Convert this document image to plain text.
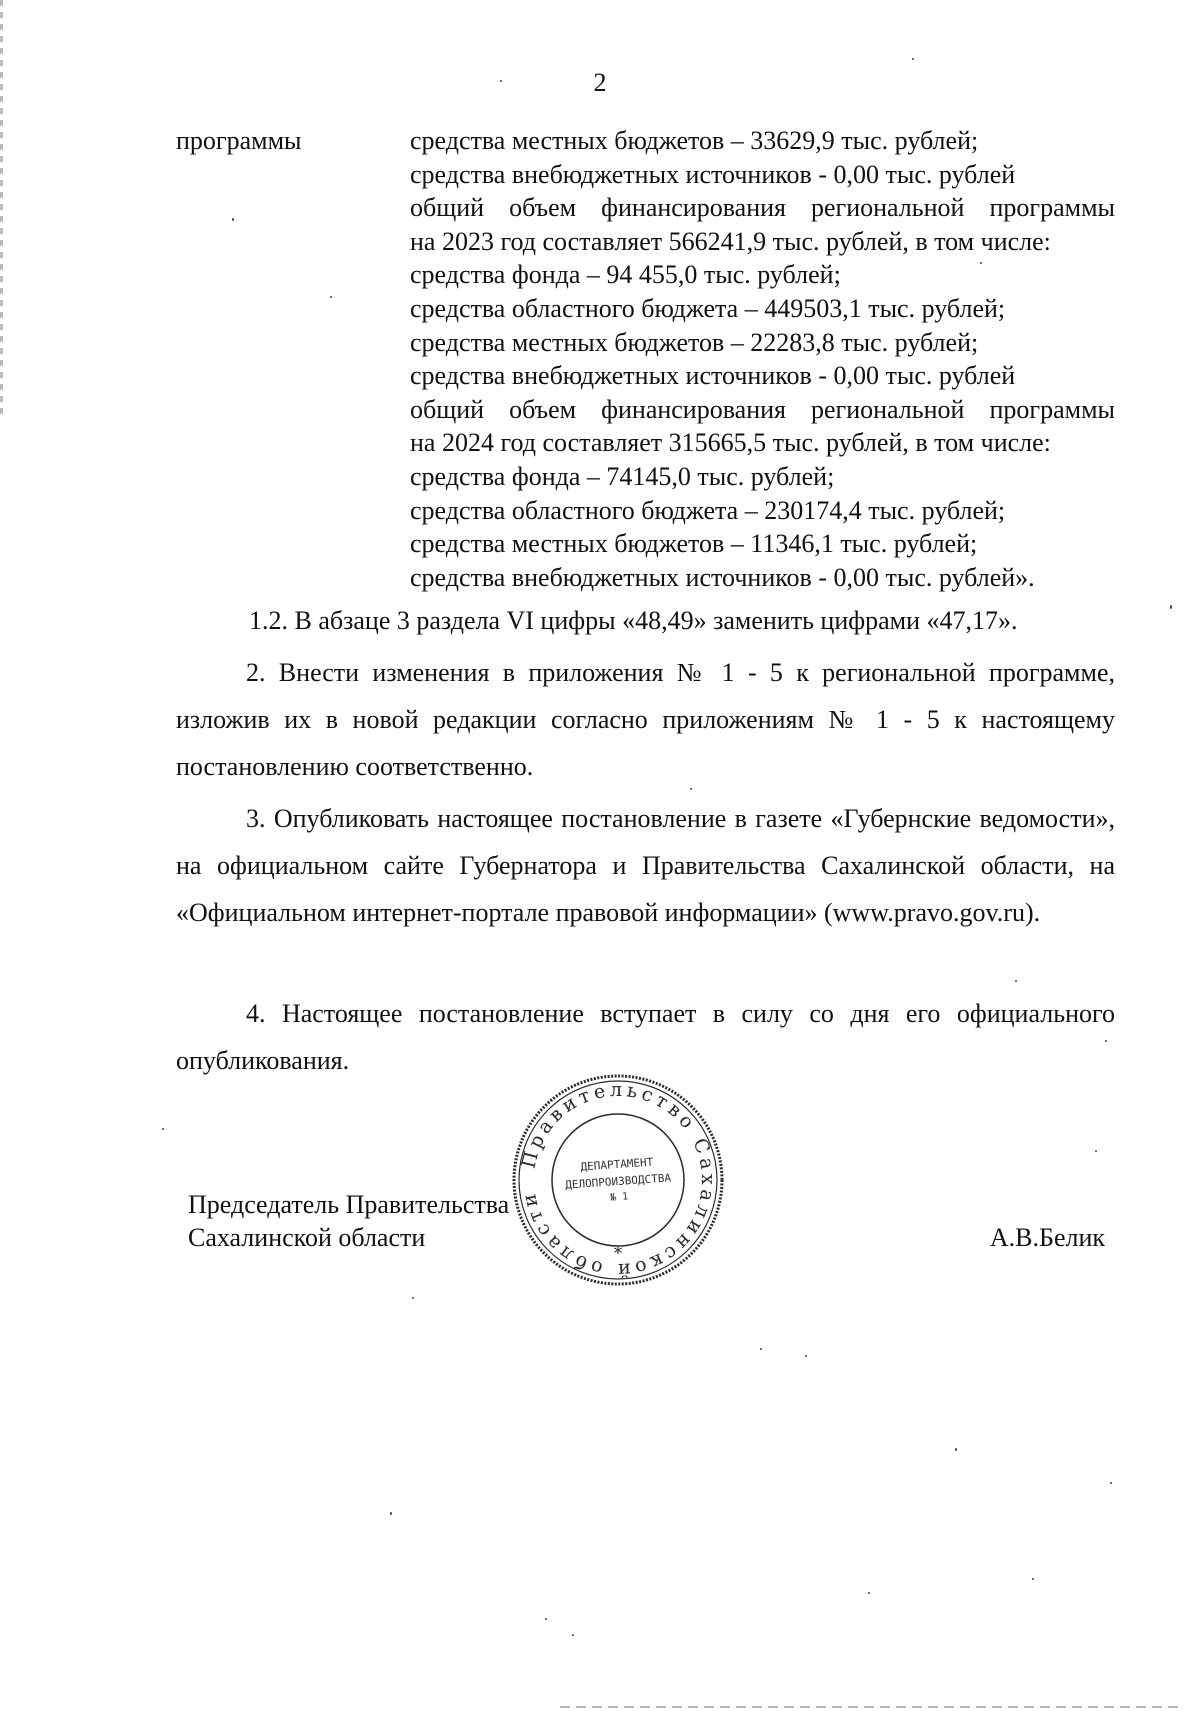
2
программы	средства местных бюджетов – 33629,9 тыс. рублей;
средства внебюджетных источников - 0,00 тыс. рублей
общий объем финансирования региональной программы
на 2023 год составляет 566241,9 тыс. рублей, в том числе:
средства фонда – 94 455,0 тыс. рублей;
средства областного бюджета – 449503,1 тыс. рублей;
средства местных бюджетов – 22283,8 тыс. рублей;
средства внебюджетных источников - 0,00 тыс. рублей
общий объем финансирования региональной программы
на 2024 год составляет 315665,5 тыс. рублей, в том числе:
средства фонда – 74145,0 тыс. рублей;
средства областного бюджета – 230174,4 тыс. рублей;
средства местных бюджетов – 11346,1 тыс. рублей;
средства внебюджетных источников - 0,00 тыс. рублей».
1.2. В абзаце 3 раздела VI цифры «48,49» заменить цифрами «47,17».
2. Внести изменения в приложения № 1 - 5 к региональной программе, изложив их в новой редакции согласно приложениям № 1 - 5 к настоящему постановлению соответственно.
3. Опубликовать настоящее постановление в газете «Губернские ведомости», на официальном сайте Губернатора и Правительства Сахалинской области, на «Официальном интернет-портале правовой информации» (www.pravo.gov.ru).
4. Настоящее постановление вступает в силу со дня его официального опубликования.
Председатель Правительства
Сахалинской области	А.В.Белик
Правительство Сахалинской области
*
ДЕПАРТАМЕНТ
ДЕЛОПРОИЗВОДСТВА
№ 1
